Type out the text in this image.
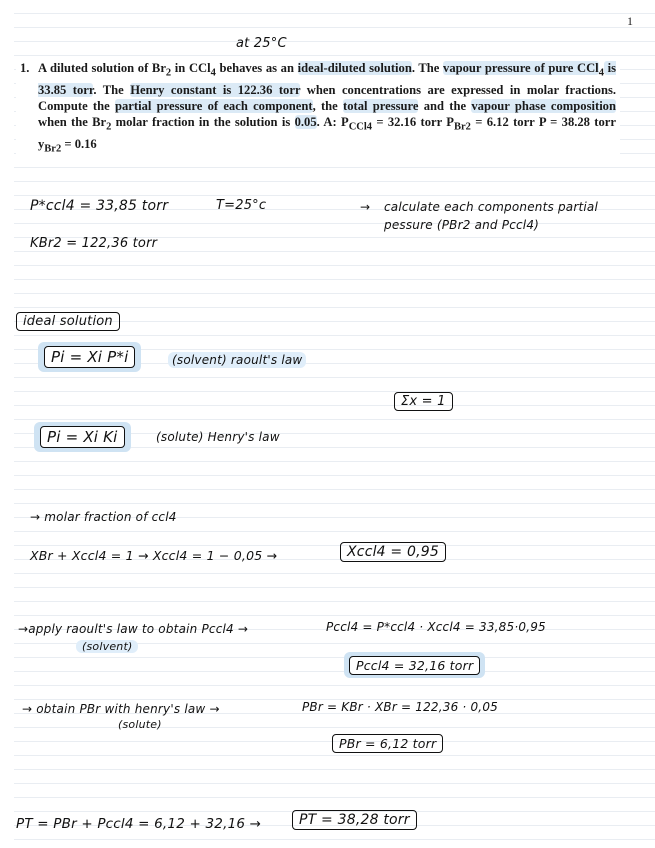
1
at 25°C
1. A diluted solution of $Br_2$ in CCl$_4$ behaves as an ideal-diluted solution. The vapour pressure of pure CCl$_4$ is 33.85 torr. The Henry constant is 122.36 torr when concentrations are expressed in molar fractions. Compute the partial pressure of each component, the total pressure and the vapour phase composition when the $Br_2$ molar fraction in the solution is 0.05. A: $P_{CCl4} = 32.16$ torr $P_{Br2} = 6.12$ torr P = 38.28 torr $y_{Br2} = 0.16$
P*ccl4 = 33,85 torr	T=25°c	→ calculate each components partial
pessure (PBr2 and Pccl4)
KBr2 = 122,36 torr
ideal solution
Pi = Xi P*i	(solvent) raoult's law
Σx = 1
Pi = Xi Ki	(solute) Henry's law
→ molar fraction of ccl4
XBr + Xccl4 = 1 → Xccl4 = 1 − 0,05 →	Xccl4 = 0,95
→apply raoult's law to obtain Pccl4 →
(solvent)
Pccl4 = P*ccl4 · Xccl4 = 33,85·0,95
Pccl4 = 32,16 torr
→ obtain PBr with henry's law →
(solute)
PBr = KBr · XBr = 122,36 · 0,05
PBr = 6,12 torr
PT = PBr + Pccl4 = 6,12 + 32,16 →	PT = 38,28 torr
